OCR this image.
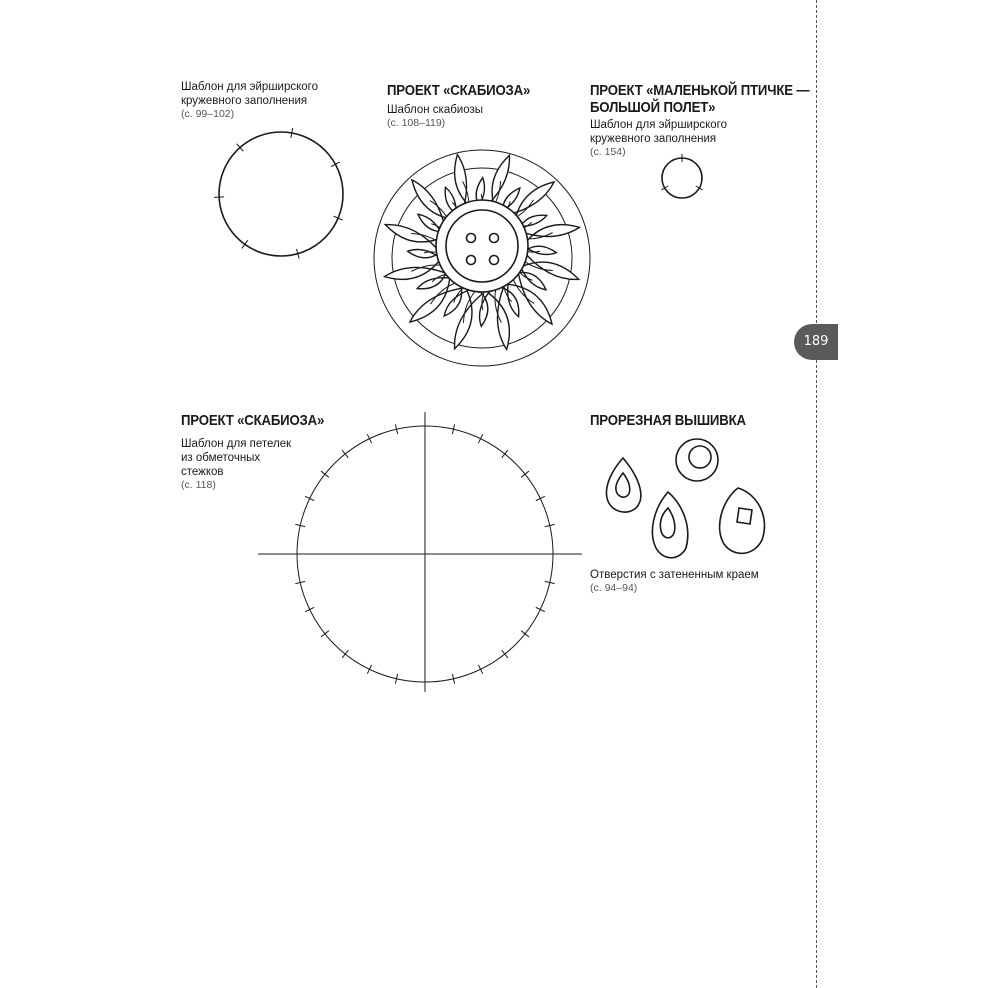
189

Шаблон для эйрширского кружевного заполнения

(с. 99–102)

ПРОЕКТ «СКАБИОЗА»

Шаблон скабиозы

(с. 108–119)

ПРОЕКТ «МАЛЕНЬКОЙ ПТИЧКЕ —

БОЛЬШОЙ ПОЛЕТ»

Шаблон для эйрширского кружевного заполнения

(с. 154)

ПРОЕКТ «СКАБИОЗА»

Шаблон для петелек

из обметочных

стежков

(с. 118)

ПРОРЕЗНАЯ ВЫШИВКА

Отверстия с затененным краем

(с. 94–94)
